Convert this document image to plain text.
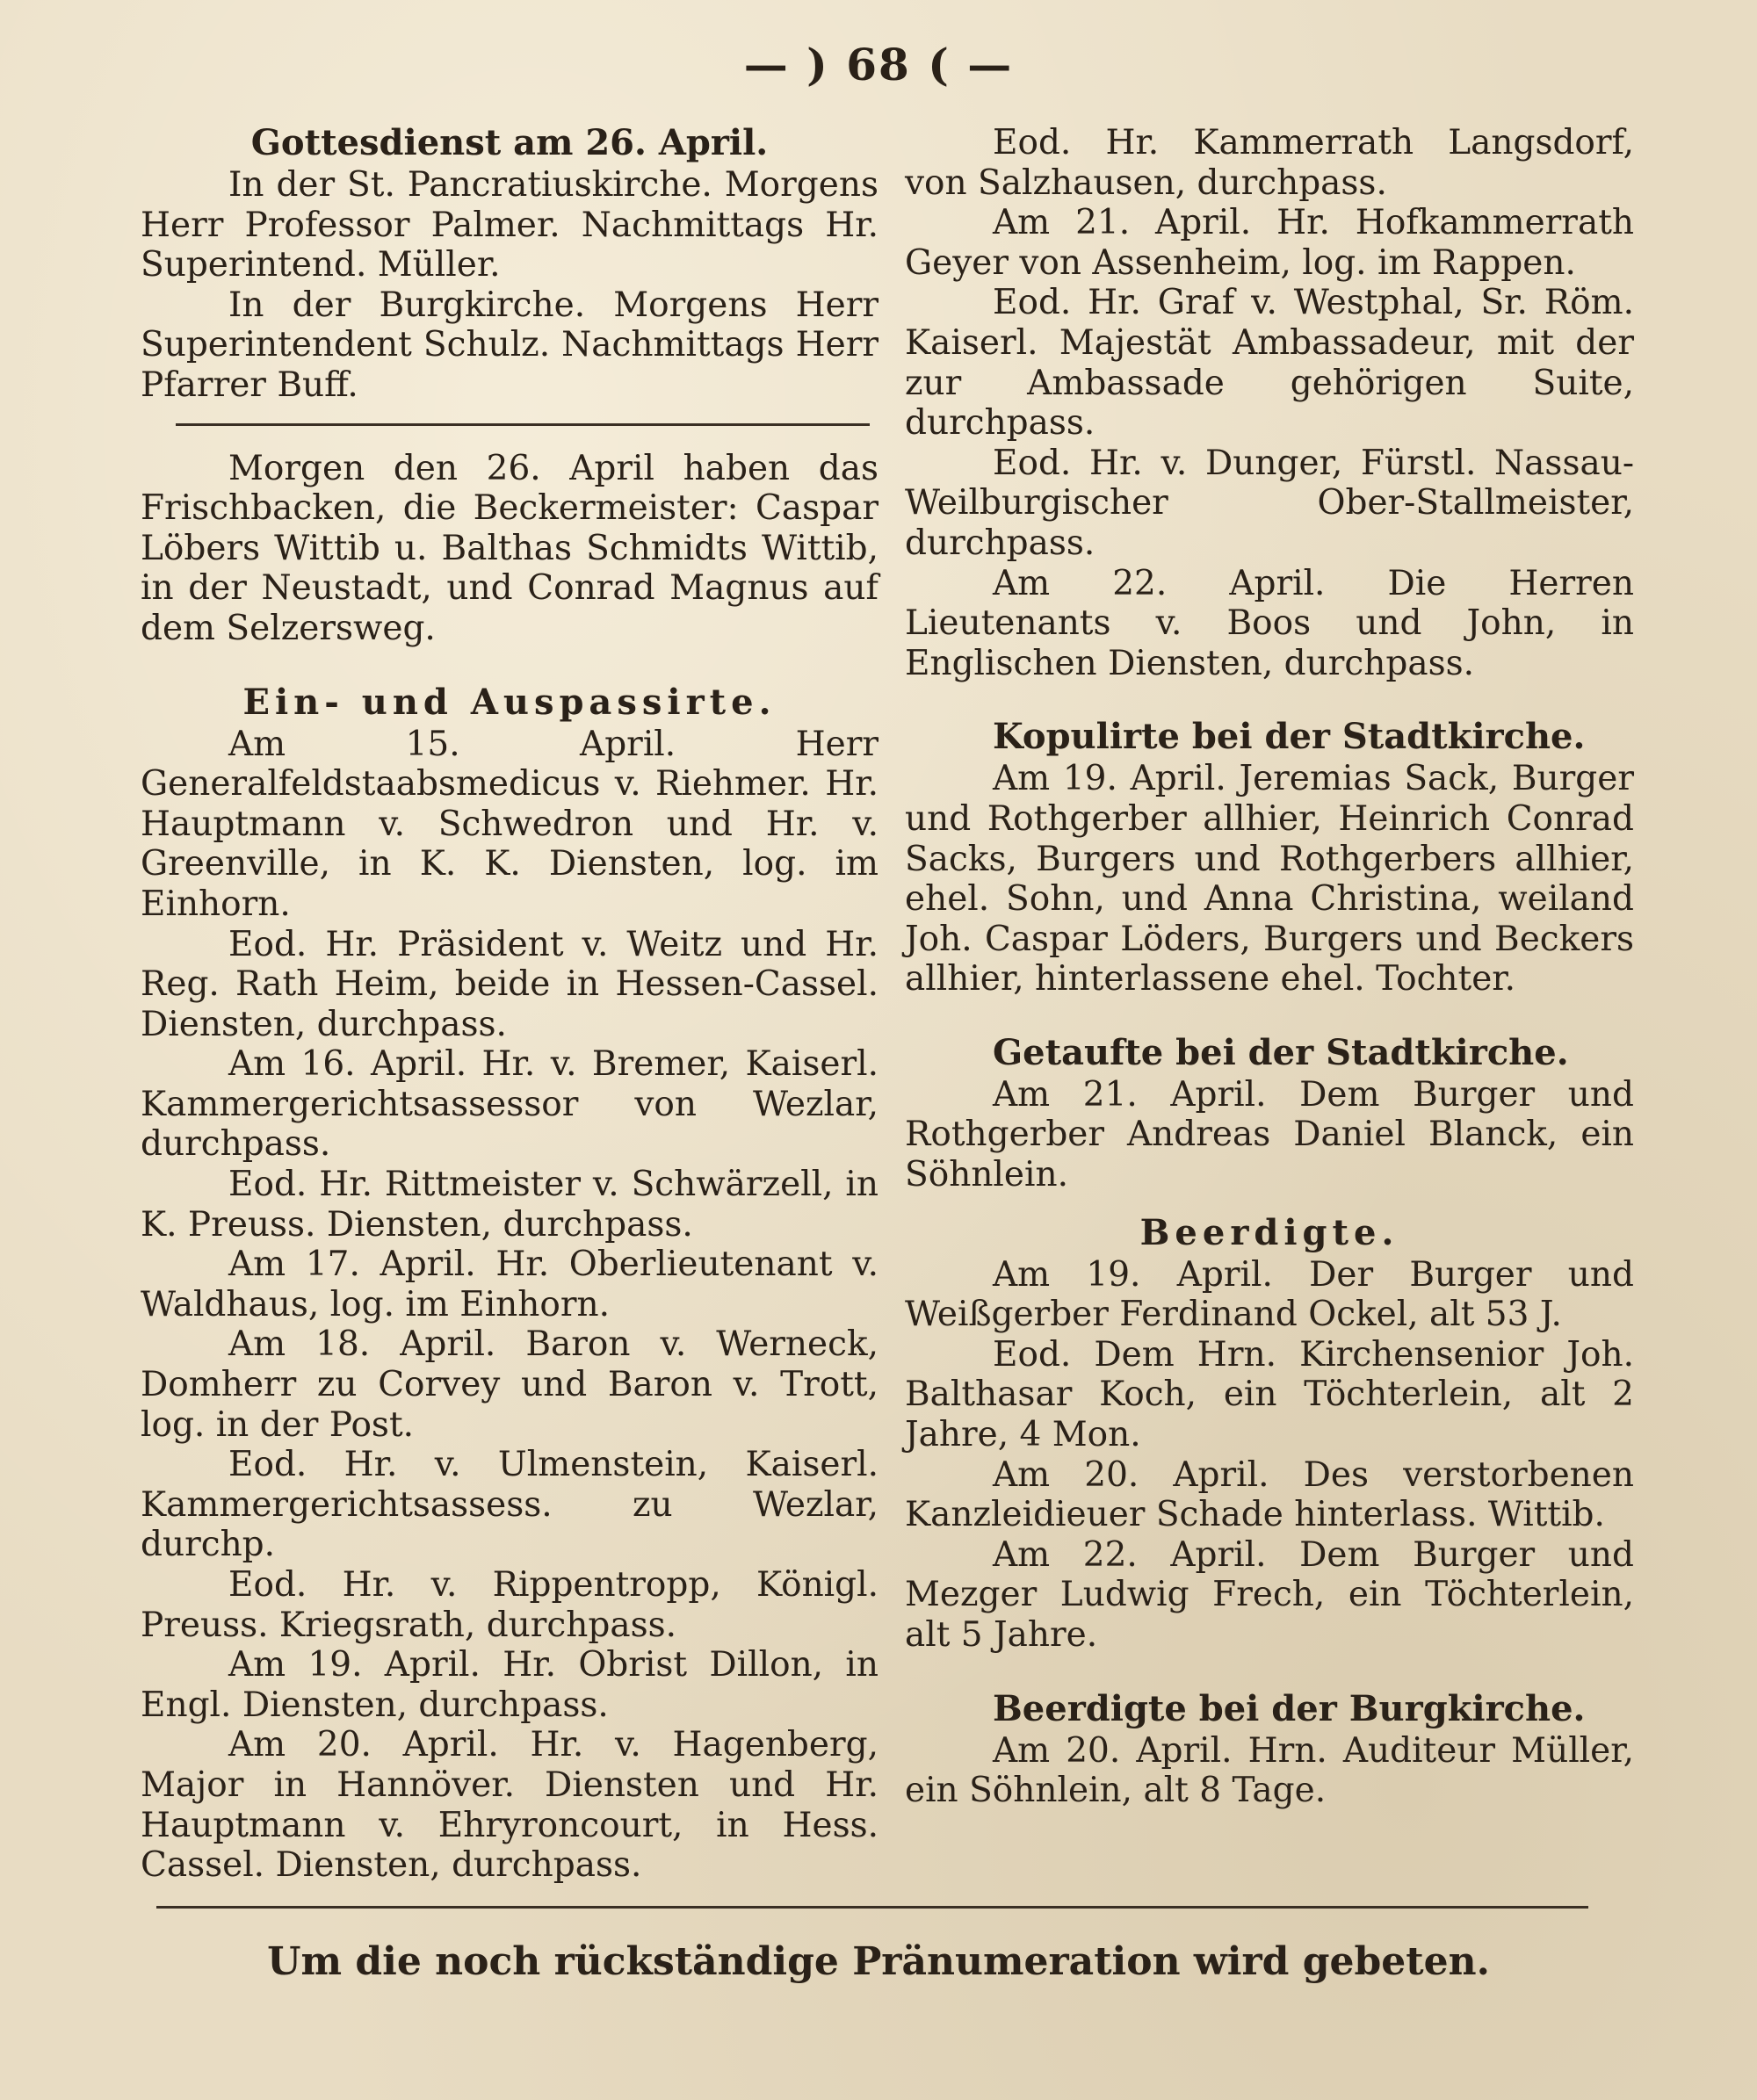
— ) 68 ( —
Gottesdienst am 26. April.

In der St. Pancratiuskirche. Morgens Herr Professor Palmer. Nachmittags Hr. Superintend. Müller.

In der Burgkirche. Morgens Herr Superintendent Schulz. Nachmittags Herr Pfarrer Buff.

Morgen den 26. April haben das Frischbacken, die Beckermeister: Caspar Löbers Wittib u. Balthas Schmidts Wittib, in der Neustadt, und Conrad Magnus auf dem Selzersweg.

Ein- und Auspassirte.

Am 15. April. Herr Generalfeldstaabsmedicus v. Riehmer. Hr. Hauptmann v. Schwedron und Hr. v. Greenville, in K. K. Diensten, log. im Einhorn.

Eod. Hr. Präsident v. Weitz und Hr. Reg. Rath Heim, beide in Hessen-Cassel. Diensten, durchpass.

Am 16. April. Hr. v. Bremer, Kaiserl. Kammergerichtsassessor von Wezlar, durchpass.

Eod. Hr. Rittmeister v. Schwärzell, in K. Preuss. Diensten, durchpass.

Am 17. April. Hr. Oberlieutenant v. Waldhaus, log. im Einhorn.

Am 18. April. Baron v. Werneck, Domherr zu Corvey und Baron v. Trott, log. in der Post.

Eod. Hr. v. Ulmenstein, Kaiserl. Kammergerichtsassess. zu Wezlar, durchp.

Eod. Hr. v. Rippentropp, Königl. Preuss. Kriegsrath, durchpass.

Am 19. April. Hr. Obrist Dillon, in Engl. Diensten, durchpass.

Am 20. April. Hr. v. Hagenberg, Major in Hannöver. Diensten und Hr. Hauptmann v. Ehryroncourt, in Hess. Cassel. Diensten, durchpass.

Eod. Hr. Kammerrath Langsdorf, von Salzhausen, durchpass.

Am 21. April. Hr. Hofkammerrath Geyer von Assenheim, log. im Rappen.

Eod. Hr. Graf v. Westphal, Sr. Röm. Kaiserl. Majestät Ambassadeur, mit der zur Ambassade gehörigen Suite, durchpass.

Eod. Hr. v. Dunger, Fürstl. Nassau-Weilburgischer Ober-Stallmeister, durchpass.

Am 22. April. Die Herren Lieutenants v. Boos und John, in Englischen Diensten, durchpass.

Kopulirte bei der Stadtkirche.

Am 19. April. Jeremias Sack, Burger und Rothgerber allhier, Heinrich Conrad Sacks, Burgers und Rothgerbers allhier, ehel. Sohn, und Anna Christina, weiland Joh. Caspar Löders, Burgers und Beckers allhier, hinterlassene ehel. Tochter.

Getaufte bei der Stadtkirche.

Am 21. April. Dem Burger und Rothgerber Andreas Daniel Blanck, ein Söhnlein.

Beerdigte.

Am 19. April. Der Burger und Weißgerber Ferdinand Ockel, alt 53 J.

Eod. Dem Hrn. Kirchensenior Joh. Balthasar Koch, ein Töchterlein, alt 2 Jahre, 4 Mon.

Am 20. April. Des verstorbenen Kanzleidieuer Schade hinterlass. Wittib.

Am 22. April. Dem Burger und Mezger Ludwig Frech, ein Töchterlein, alt 5 Jahre.

Beerdigte bei der Burgkirche.

Am 20. April. Hrn. Auditeur Müller, ein Söhnlein, alt 8 Tage.

Um die noch rückständige Pränumeration wird gebeten.
